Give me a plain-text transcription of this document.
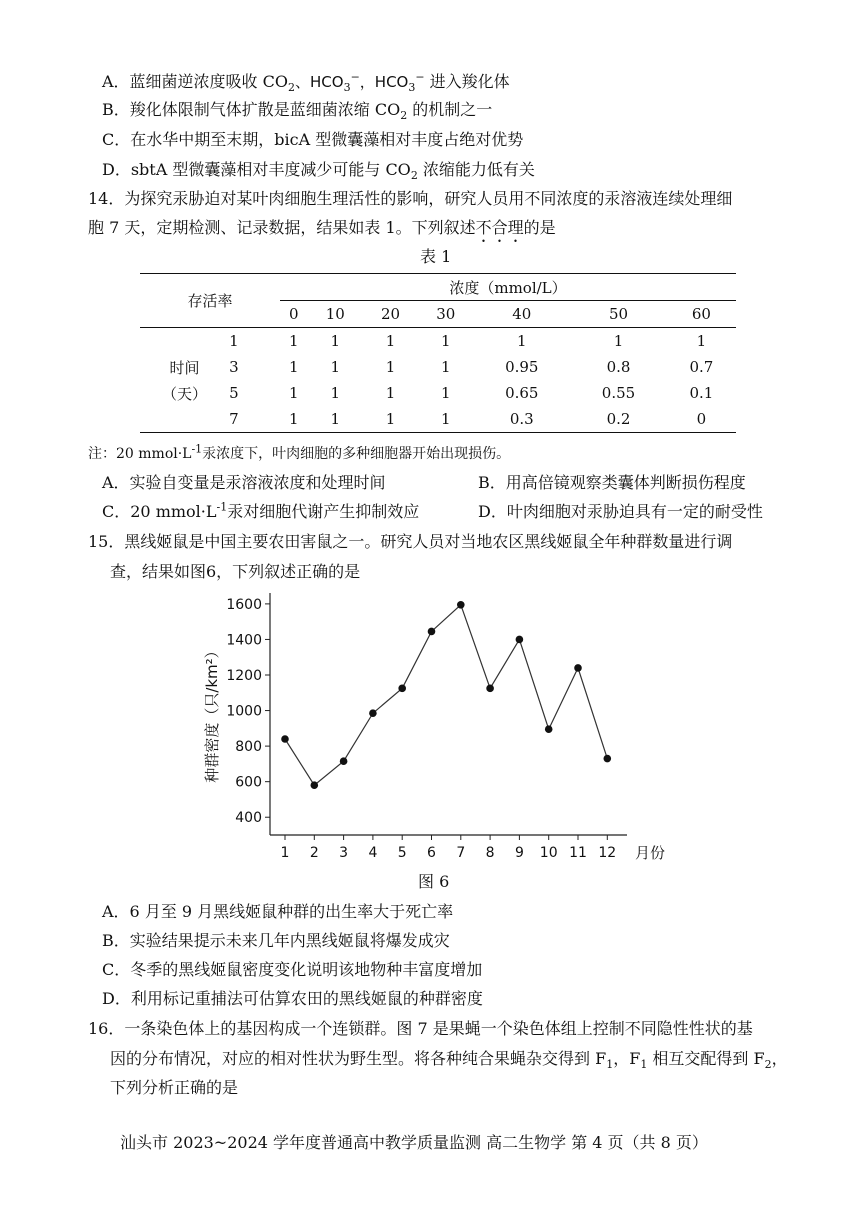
A．蓝细菌逆浓度吸收 $CO_2$、$HCO_3^-$，$HCO_3^-$ 进入羧化体
B．羧化体限制气体扩散是蓝细菌浓缩 $CO_2$ 的机制之一
C．在水华中期至末期，bicA 型微囊藻相对丰度占绝对优势
D．sbtA 型微囊藻相对丰度减少可能与 $CO_2$ 浓缩能力低有关
14．为探究汞胁迫对某叶肉细胞生理活性的影响，研究人员用不同浓度的汞溶液连续处理细
胞 7 天，定期检测、记录数据，结果如表 1。下列叙述不合理的是
表 1
存活率		浓度（mmol/L）						
		0	10	20	30	40	50	60
	1	1	1	1	1	1	1	1
时间	3	1	1	1	1	0.95	0.8	0.7
（天）	5	1	1	1	1	0.65	0.55	0.1
	7	1	1	1	1	0.3	0.2	0
注：20 $mmol\cdot L^{-1}$汞浓度下，叶肉细胞的多种细胞器开始出现损伤。
A．实验自变量是汞溶液浓度和处理时间	B．用高倍镜观察类囊体判断损伤程度
C．20 $mmol\cdot L^{-1}$汞对细胞代谢产生抑制效应	D．叶肉细胞对汞胁迫具有一定的耐受性
15．黑线姬鼠是中国主要农田害鼠之一。研究人员对当地农区黑线姬鼠全年种群数量进行调
查，结果如图6，下列叙述正确的是
400
600
800
1000
1200
1400
1600
1 2 3 4 5 6 7 8 9 10 11 12 月份
种群密度（只/km²）
图 6
A．6 月至 9 月黑线姬鼠种群的出生率大于死亡率
B．实验结果提示未来几年内黑线姬鼠将爆发成灾
C．冬季的黑线姬鼠密度变化说明该地物种丰富度增加
D．利用标记重捕法可估算农田的黑线姬鼠的种群密度
16．一条染色体上的基因构成一个连锁群。图 7 是果蝇一个染色体组上控制不同隐性性状的基
因的分布情况，对应的相对性状为野生型。将各种纯合果蝇杂交得到 $F_1$，$F_1$ 相互交配得到 $F_2$，
下列分析正确的是
汕头市 2023~2024 学年度普通高中教学质量监测 高二生物学 第 4 页（共 8 页）
